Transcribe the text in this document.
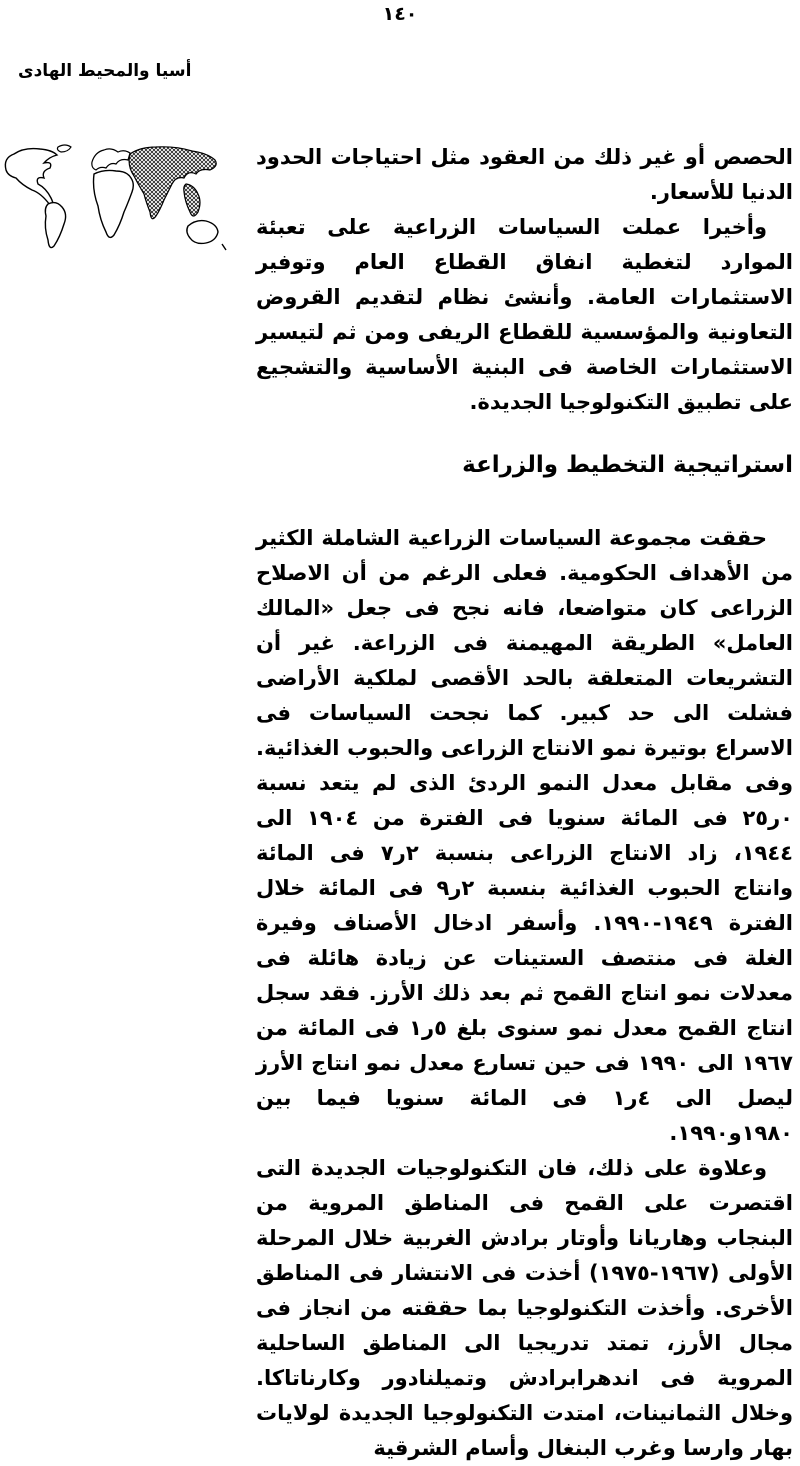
١٤٠
أسيا والمحيط الهادى

الحصص أو غير ذلك من العقود مثل احتياجات الحدود الدنيا للأسعار.

وأخيرا عملت السياسات الزراعية على تعبئة الموارد لتغطية انفاق القطاع العام وتوفير الاستثمارات العامة. وأنشئ نظام لتقديم القروض التعاونية والمؤسسية للقطاع الريفى ومن ثم لتيسير الاستثمارات الخاصة فى البنية الأساسية والتشجيع على تطبيق التكنولوجيا الجديدة.

استراتيجية التخطيط والزراعة

حققت مجموعة السياسات الزراعية الشاملة الكثير من الأهداف الحكومية. فعلى الرغم من أن الاصلاح الزراعى كان متواضعا، فانه نجح فى جعل «المالك العامل» الطريقة المهيمنة فى الزراعة. غير أن التشريعات المتعلقة بالحد الأقصى لملكية الأراضى فشلت الى حد كبير. كما نجحت السياسات فى الاسراع بوتيرة نمو الانتاج الزراعى والحبوب الغذائية. وفى مقابل معدل النمو الردئ الذى لم يتعد نسبة ٠ر٢٥ فى المائة سنويا فى الفترة من ١٩٠٤ الى ١٩٤٤، زاد الانتاج الزراعى بنسبة ٢ر٧ فى المائة وانتاج الحبوب الغذائية بنسبة ٢ر٩ فى المائة خلال الفترة ١٩٤٩-١٩٩٠. وأسفر ادخال الأصناف وفيرة الغلة فى منتصف الستينات عن زيادة هائلة فى معدلات نمو انتاج القمح ثم بعد ذلك الأرز. فقد سجل انتاج القمح معدل نمو سنوى بلغ ٥ر١ فى المائة من ١٩٦٧ الى ١٩٩٠ فى حين تسارع معدل نمو انتاج الأرز ليصل الى ٤ر١ فى المائة سنويا فيما بين ١٩٨٠و١٩٩٠.

وعلاوة على ذلك، فان التكنولوجيات الجديدة التى اقتصرت على القمح فى المناطق المروية من البنجاب وهاريانا وأوتار برادش الغربية خلال المرحلة الأولى (١٩٦٧-١٩٧٥) أخذت فى الانتشار فى المناطق الأخرى. وأخذت التكنولوجيا بما حققته من انجاز فى مجال الأرز، تمتد تدريجيا الى المناطق الساحلية المروية فى اندهرابرادش وتميلنادور وكارناتاكا. وخلال الثمانينات، امتدت التكنولوجيا الجديدة لولايات بهار وارسا وغرب البنغال وأسام الشرقية
